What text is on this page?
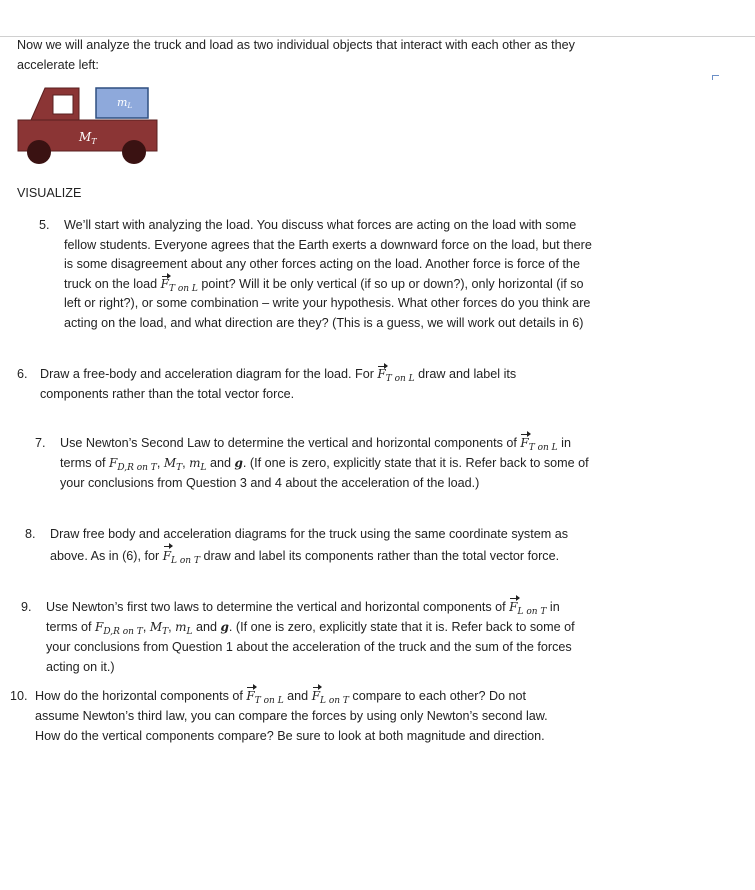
Now we will analyze the truck and load as two individual objects that interact with each other as they
accelerate left:
mL
$M_T$
VISUALIZE
5. We’ll start with analyzing the load. You discuss what forces are acting on the load with some
fellow students. Everyone agrees that the Earth exerts a downward force on the load, but there
is some disagreement about any other forces acting on the load. Another force is force of the
truck on the load $F_{T on L}$ point? Will it be only vertical (if so up or down?), only horizontal (if so
left or right?), or some combination – write your hypothesis. What other forces do you think are
acting on the load, and what direction are they? (This is a guess, we will work out details in 6)
6. Draw a free-body and acceleration diagram for the load. For $F_{T on L}$ draw and label its
components rather than the total vector force.
7. Use Newton’s Second Law to determine the vertical and horizontal components of $F_{T on L}$ in
terms of $F_{D,R on T}$, $M_T$, $m_L$ and g. (If one is zero, explicitly state that it is. Refer back to some of
your conclusions from Question 3 and 4 about the acceleration of the load.)
8. Draw free body and acceleration diagrams for the truck using the same coordinate system as
above. As in (6), for $F_{L on T}$ draw and label its components rather than the total vector force.
9. Use Newton’s first two laws to determine the vertical and horizontal components of $F_{L on T}$ in
terms of $F_{D,R on T}$, $M_T$, $m_L$ and g. (If one is zero, explicitly state that it is. Refer back to some of
your conclusions from Question 1 about the acceleration of the truck and the sum of the forces
acting on it.)
10. How do the horizontal components of $F_{T on L}$ and $F_{L on T}$ compare to each other? Do not
assume Newton’s third law, you can compare the forces by using only Newton’s second law.
How do the vertical components compare? Be sure to look at both magnitude and direction.
